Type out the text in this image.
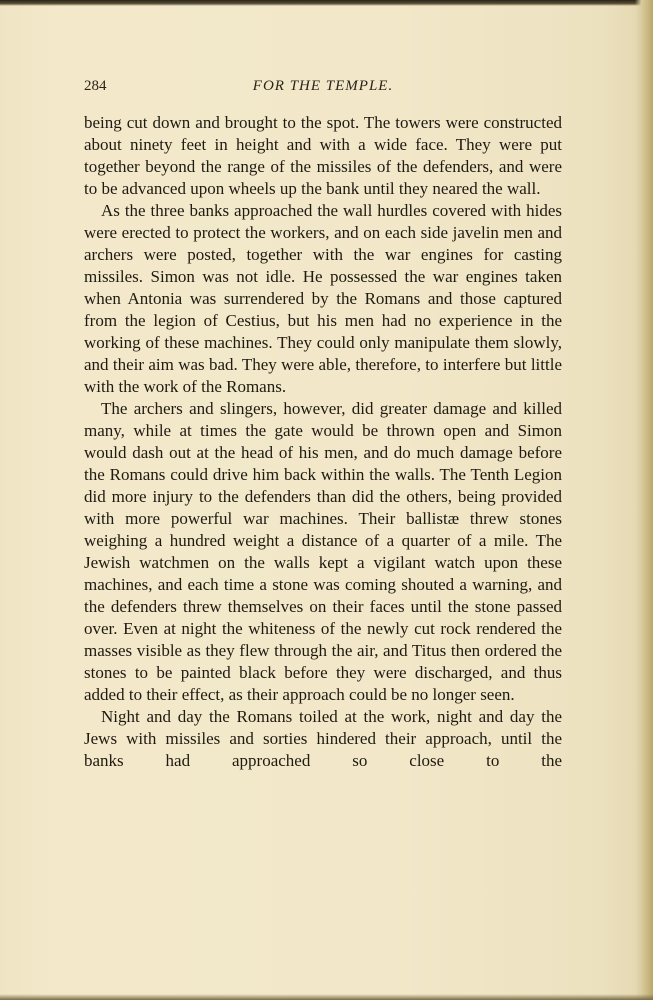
284	FOR THE TEMPLE.

being cut down and brought to the spot. The towers were constructed about ninety feet in height and with a wide face. They were put together beyond the range of the missiles of the defenders, and were to be advanced upon wheels up the bank until they neared the wall.

As the three banks approached the wall hurdles covered with hides were erected to protect the workers, and on each side javelin men and archers were posted, together with the war engines for casting missiles. Simon was not idle. He possessed the war engines taken when Antonia was surrendered by the Romans and those captured from the legion of Cestius, but his men had no experience in the working of these machines. They could only manipulate them slowly, and their aim was bad. They were able, therefore, to interfere but little with the work of the Romans.

The archers and slingers, however, did greater damage and killed many, while at times the gate would be thrown open and Simon would dash out at the head of his men, and do much damage before the Romans could drive him back within the walls. The Tenth Legion did more injury to the defenders than did the others, being provided with more powerful war machines. Their ballistæ threw stones weighing a hundred weight a distance of a quarter of a mile. The Jewish watchmen on the walls kept a vigilant watch upon these machines, and each time a stone was coming shouted a warning, and the defenders threw themselves on their faces until the stone passed over. Even at night the whiteness of the newly cut rock rendered the masses visible as they flew through the air, and Titus then ordered the stones to be painted black before they were discharged, and thus added to their effect, as their approach could be no longer seen.

Night and day the Romans toiled at the work, night and day the Jews with missiles and sorties hindered their approach, until the banks had approached so close to the
